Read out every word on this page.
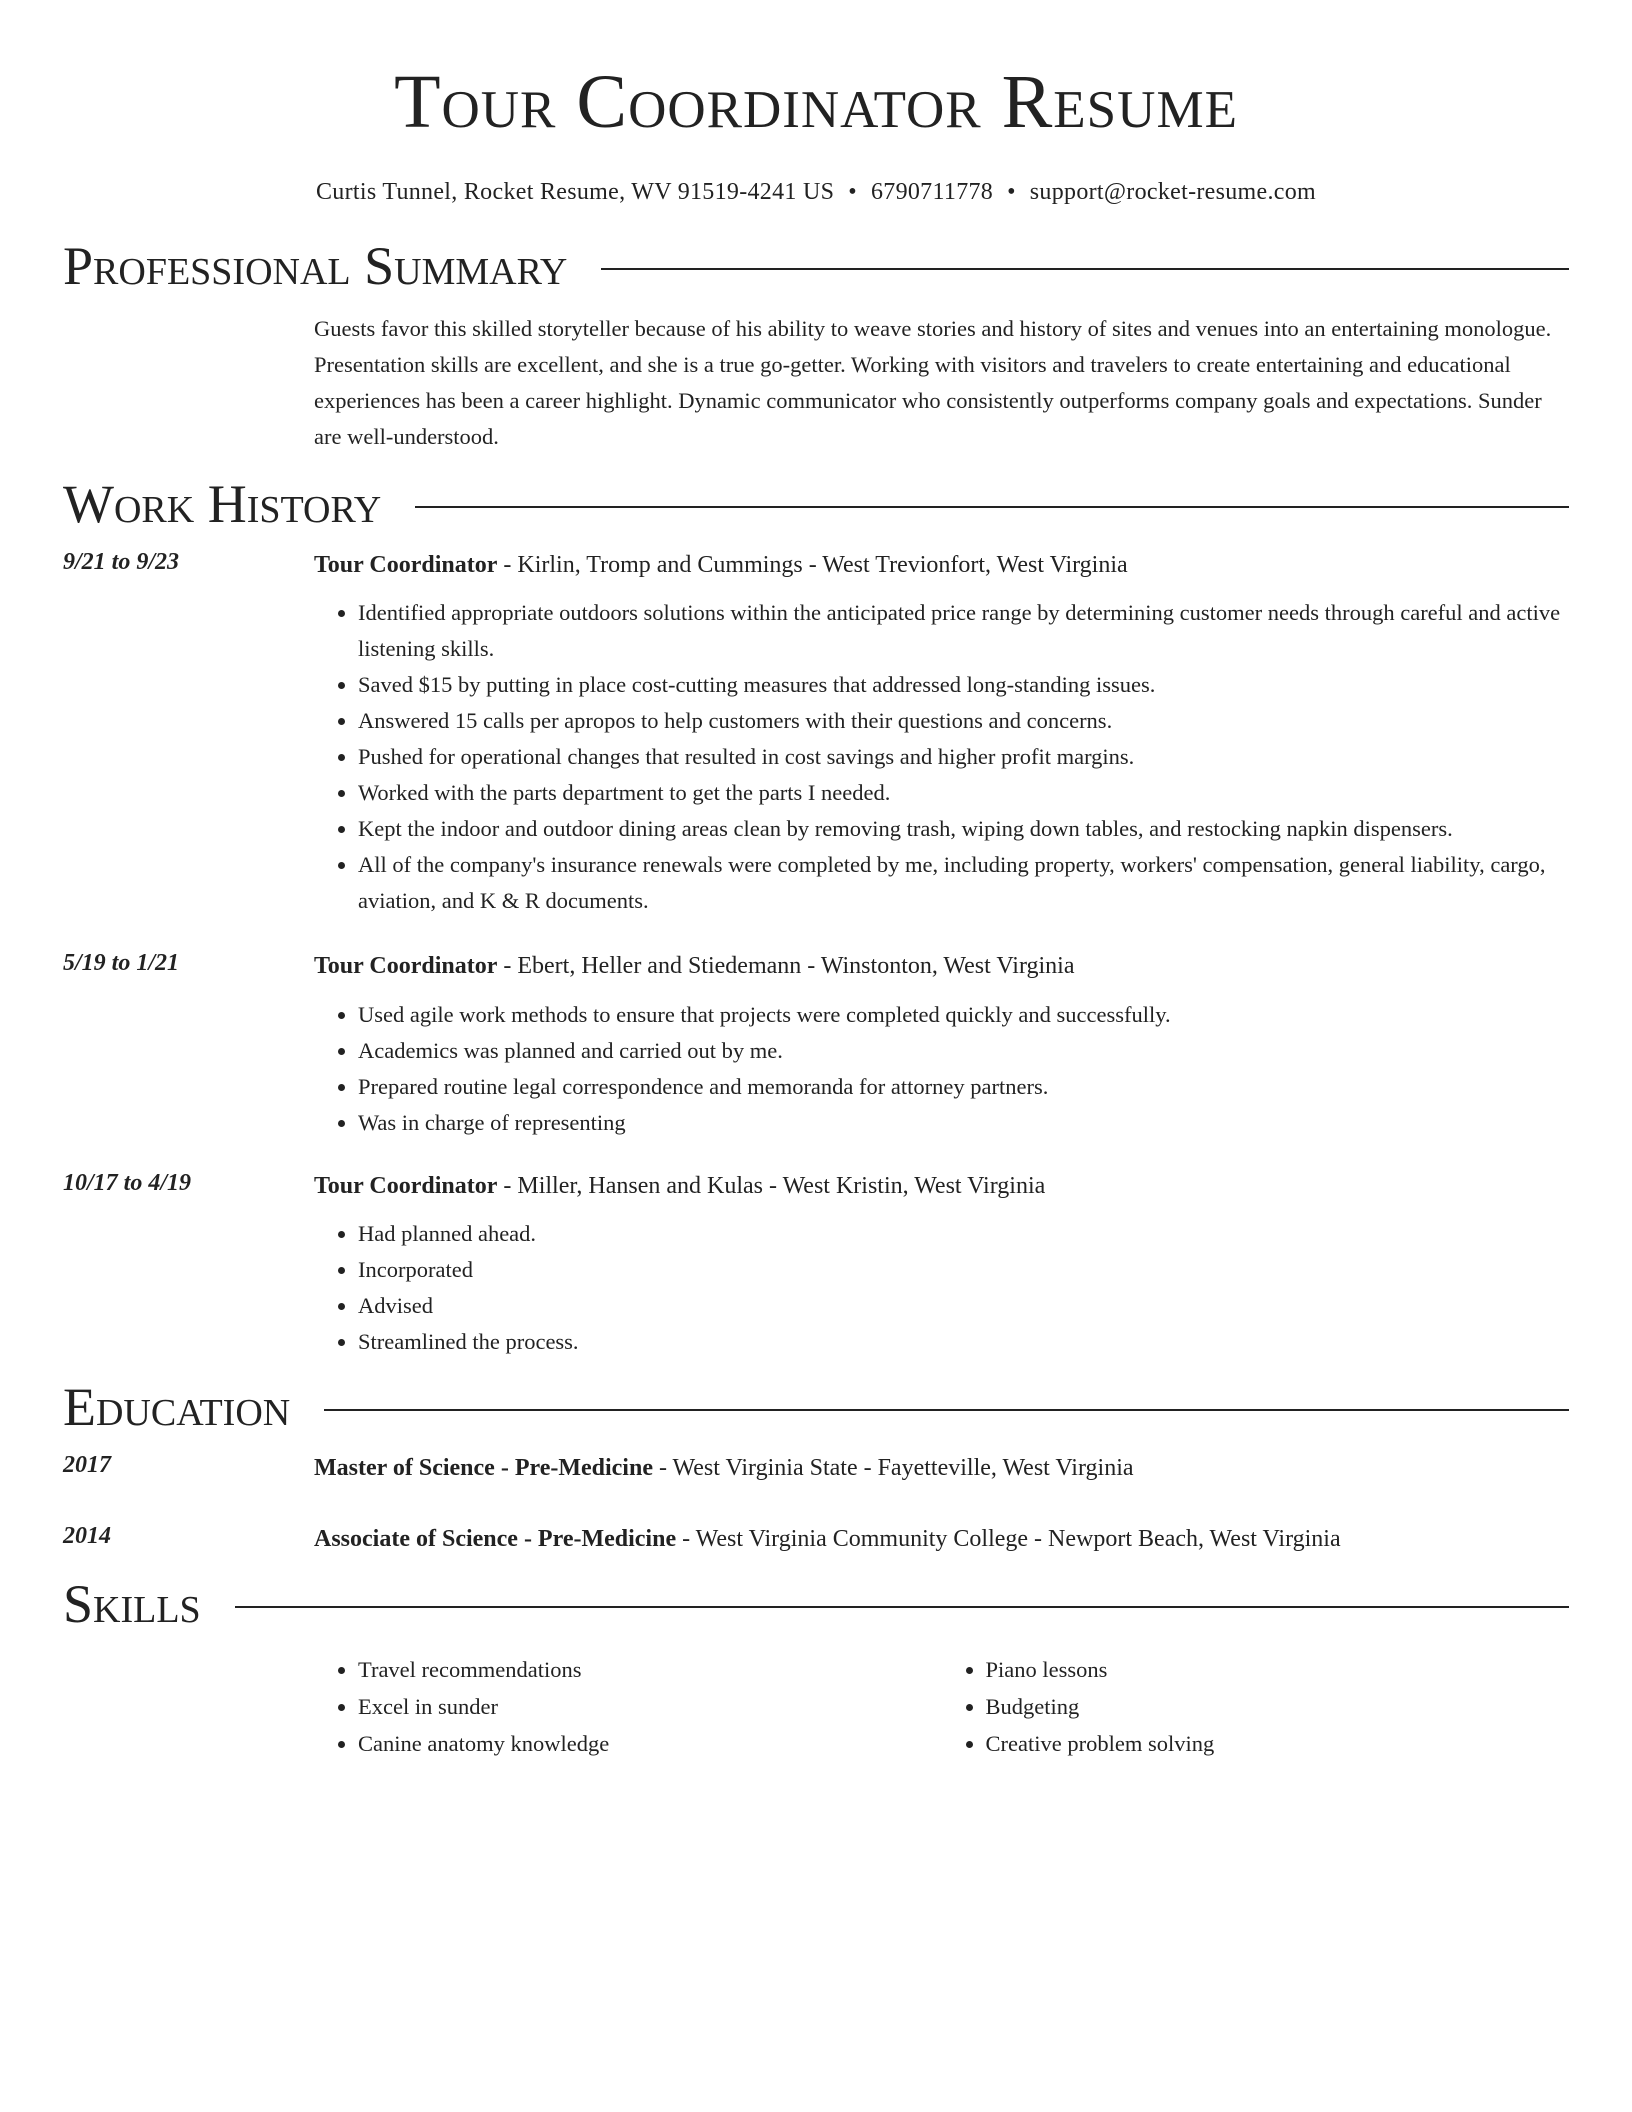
Tour Coordinator Resume
Curtis Tunnel, Rocket Resume, WV 91519-4241 US • 6790711778 • support@rocket-resume.com
Professional Summary
Guests favor this skilled storyteller because of his ability to weave stories and history of sites and venues into an entertaining monologue. Presentation skills are excellent, and she is a true go-getter. Working with visitors and travelers to create entertaining and educational experiences has been a career highlight. Dynamic communicator who consistently outperforms company goals and expectations. Sunder are well-understood.
Work History
9/21 to 9/23	Tour Coordinator - Kirlin, Tromp and Cummings - West Trevionfort, West Virginia
• Identified appropriate outdoors solutions within the anticipated price range by determining customer needs through careful and active listening skills.
• Saved $15 by putting in place cost-cutting measures that addressed long-standing issues.
• Answered 15 calls per apropos to help customers with their questions and concerns.
• Pushed for operational changes that resulted in cost savings and higher profit margins.
• Worked with the parts department to get the parts I needed.
• Kept the indoor and outdoor dining areas clean by removing trash, wiping down tables, and restocking napkin dispensers.
• All of the company's insurance renewals were completed by me, including property, workers' compensation, general liability, cargo, aviation, and K & R documents.
5/19 to 1/21	Tour Coordinator - Ebert, Heller and Stiedemann - Winstonton, West Virginia
• Used agile work methods to ensure that projects were completed quickly and successfully.
• Academics was planned and carried out by me.
• Prepared routine legal correspondence and memoranda for attorney partners.
• Was in charge of representing
10/17 to 4/19	Tour Coordinator - Miller, Hansen and Kulas - West Kristin, West Virginia
• Had planned ahead.
• Incorporated
• Advised
• Streamlined the process.
Education
2017	Master of Science - Pre-Medicine - West Virginia State - Fayetteville, West Virginia
2014	Associate of Science - Pre-Medicine - West Virginia Community College - Newport Beach, West Virginia
Skills
• Travel recommendations
• Excel in sunder
• Canine anatomy knowledge
• Piano lessons
• Budgeting
• Creative problem solving
